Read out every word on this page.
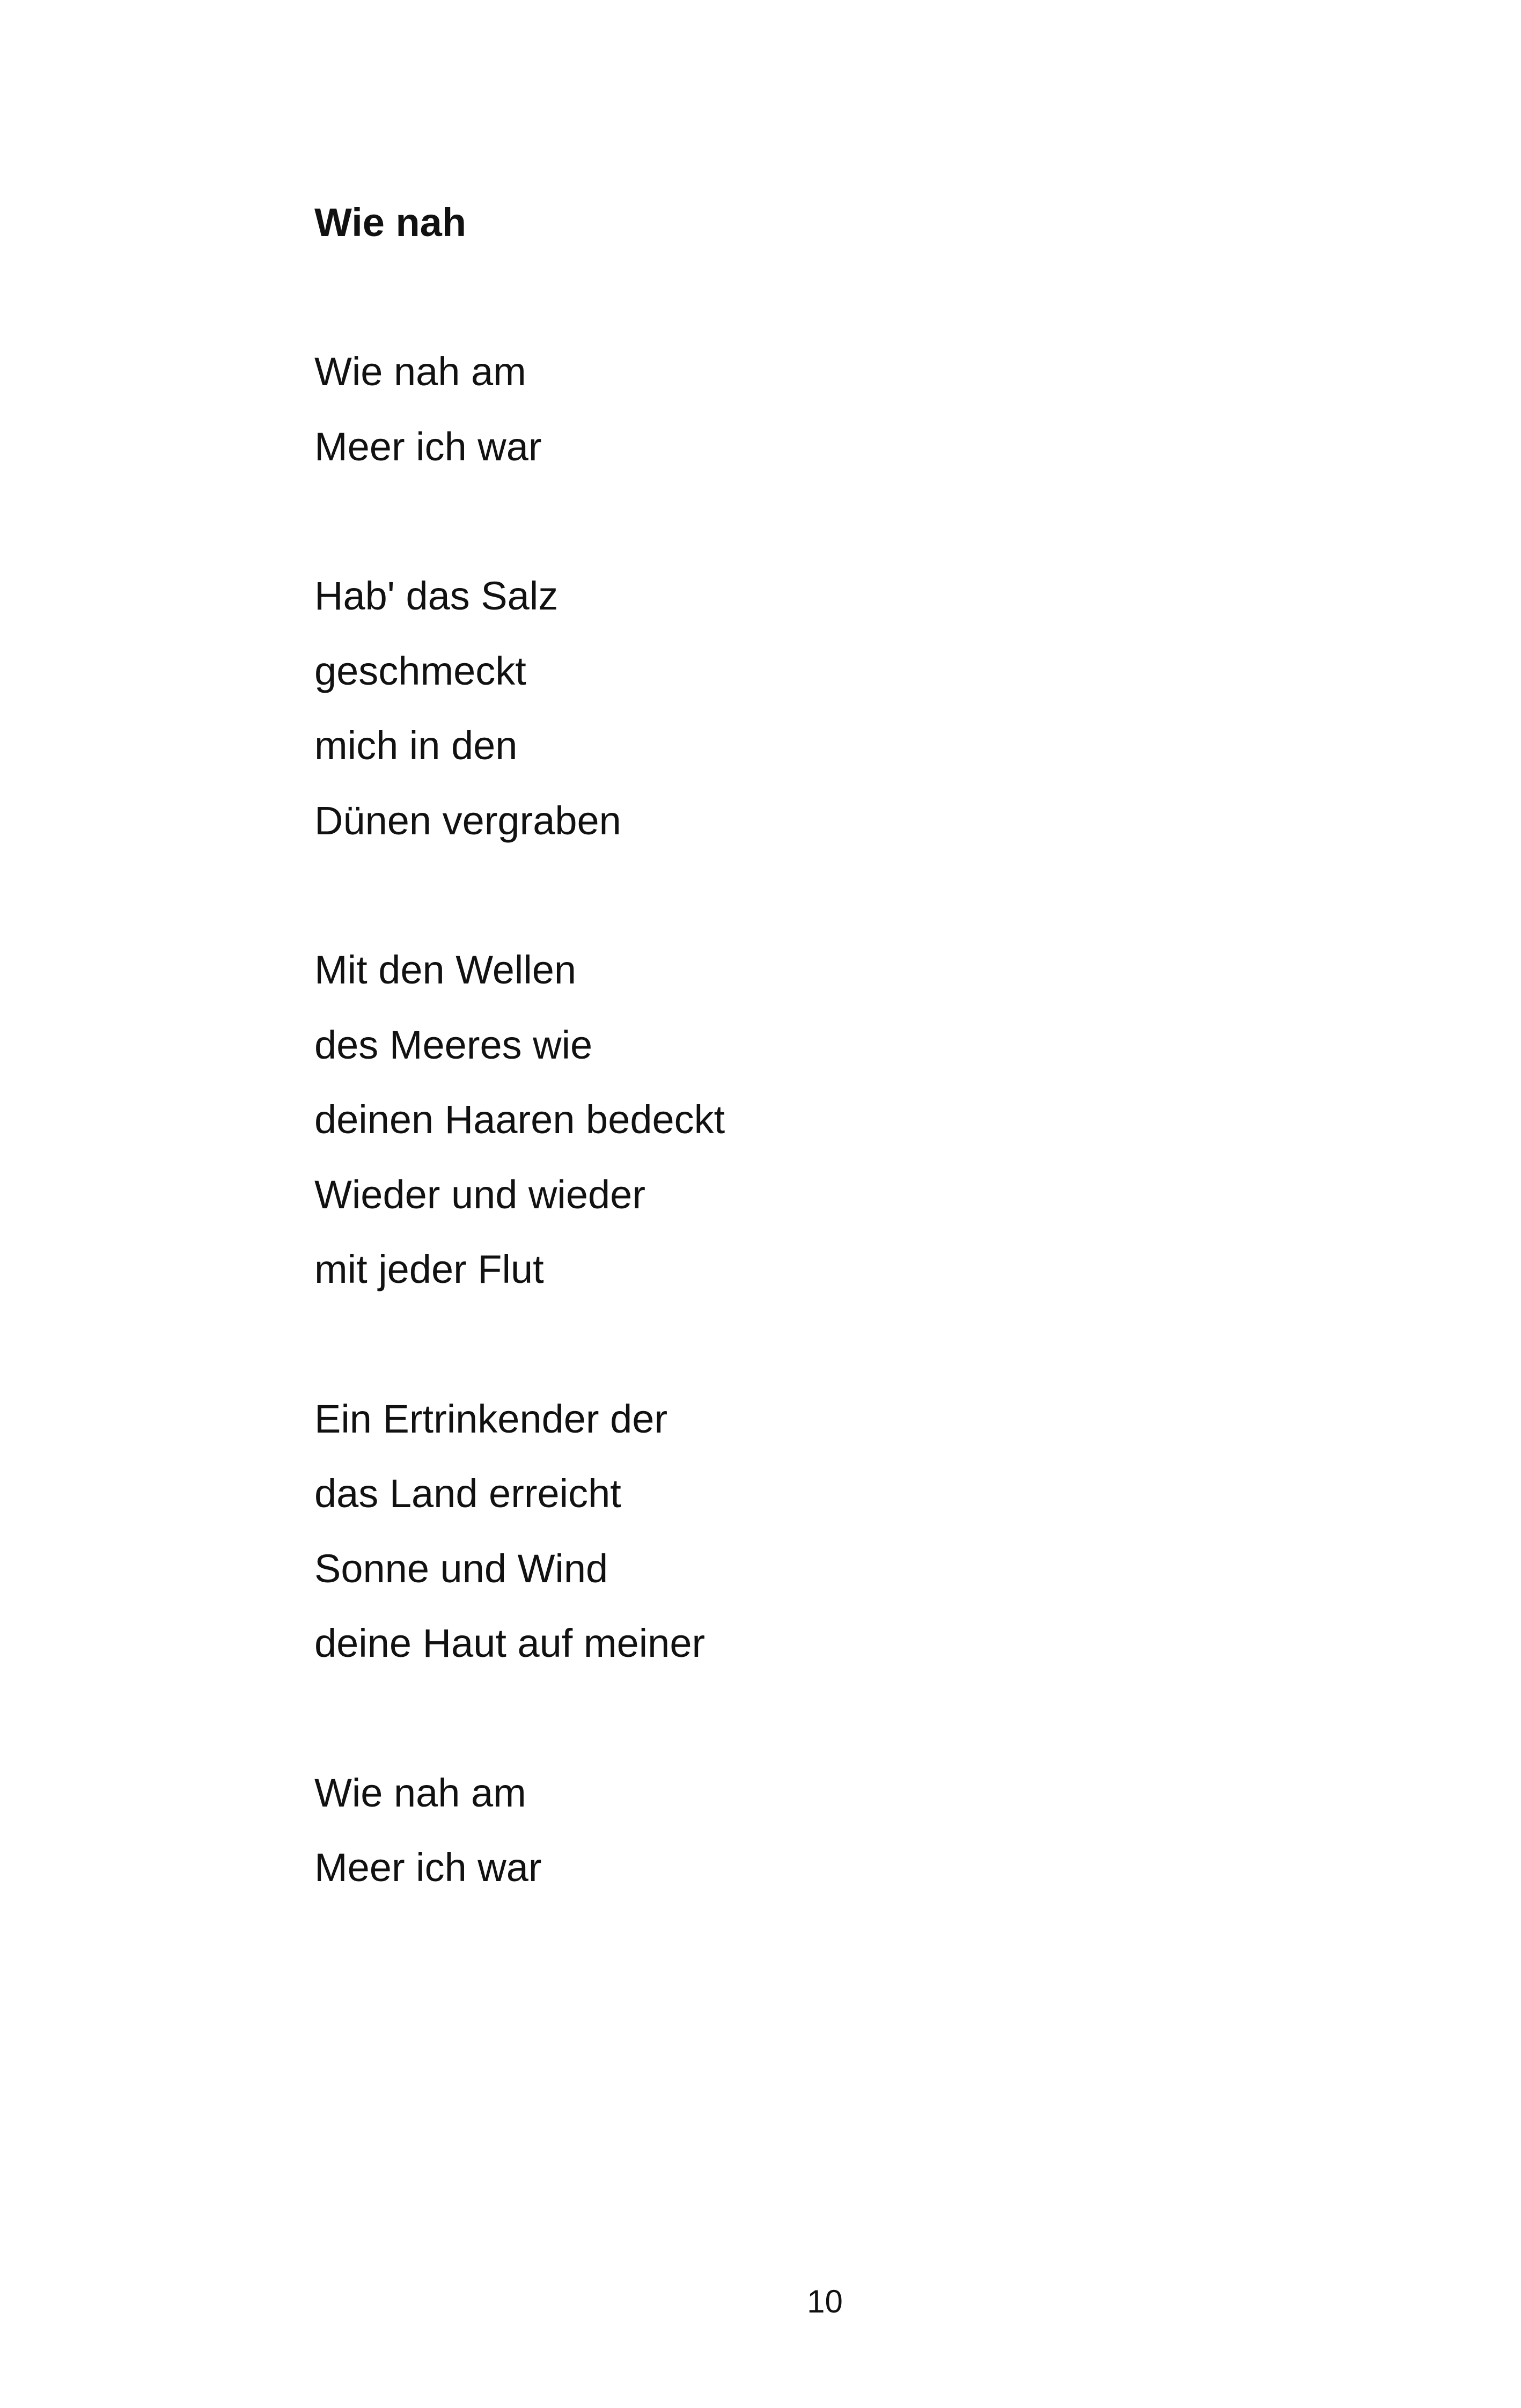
Wie nah
Wie nah am
Meer ich war
Hab' das Salz
geschmeckt
mich in den
Dünen vergraben
Mit den Wellen
des Meeres wie
deinen Haaren bedeckt
Wieder und wieder
mit jeder Flut
Ein Ertrinkender der
das Land erreicht
Sonne und Wind
deine Haut auf meiner
Wie nah am
Meer ich war
10
